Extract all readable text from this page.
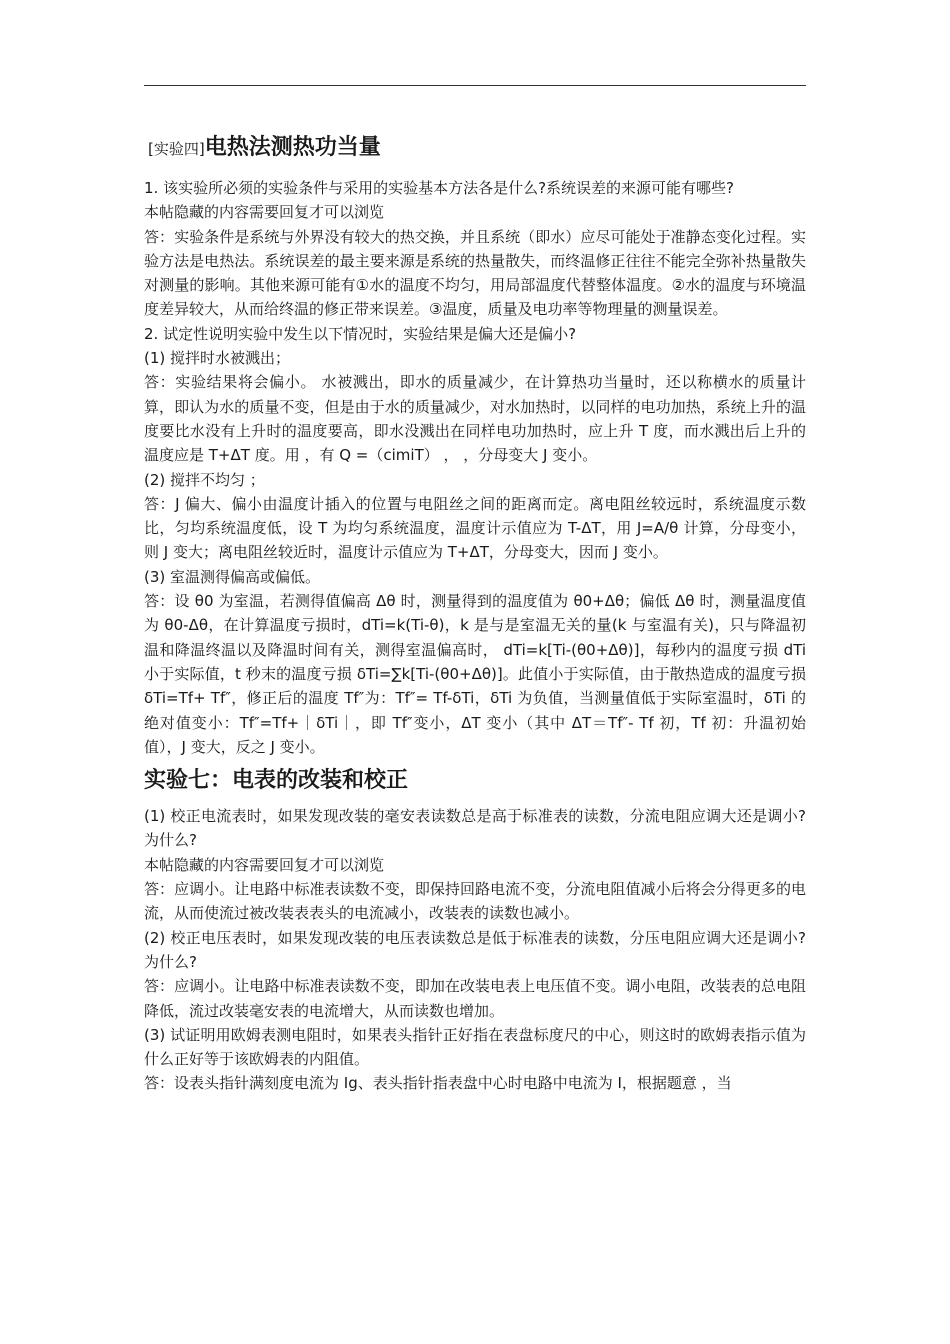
[实验四]电热法测热功当量

1. 该实验所必须的实验条件与采用的实验基本方法各是什么?系统误差的来源可能有哪些?

本帖隐藏的内容需要回复才可以浏览

答：实验条件是系统与外界没有较大的热交换，并且系统（即水）应尽可能处于准静态变化过程。实验方法是电热法。系统误差的最主要来源是系统的热量散失，而终温修正往往不能完全弥补热量散失对测量的影响。其他来源可能有①水的温度不均匀，用局部温度代替整体温度。②水的温度与环境温度差异较大，从而给终温的修正带来误差。③温度，质量及电功率等物理量的测量误差。

2. 试定性说明实验中发生以下情况时，实验结果是偏大还是偏小?

(1) 搅拌时水被溅出；

答：实验结果将会偏小。 水被溅出，即水的质量减少，在计算热功当量时，还以称横水的质量计算，即认为水的质量不变，但是由于水的质量减少，对水加热时，以同样的电功加热，系统上升的温度要比水没有上升时的温度要高，即水没溅出在同样电功加热时，应上升 T 度，而水溅出后上升的温度应是 T+ΔT 度。用 ，有 Q =（cimiT） ， ，分母变大 J 变小。

(2) 搅拌不均匀 ；

答：J 偏大、偏小由温度计插入的位置与电阻丝之间的距离而定。离电阻丝较远时，系统温度示数比，匀均系统温度低，设 T 为均匀系统温度，温度计示值应为 T-ΔT，用 J=A/θ 计算，分母变小，则 J 变大；离电阻丝较近时，温度计示值应为 T+ΔT，分母变大，因而 J 变小。

(3) 室温测得偏高或偏低。

答：设 θ0 为室温，若测得值偏高 Δθ 时，测量得到的温度值为 θ0+Δθ；偏低 Δθ 时，测量温度值为 θ0-Δθ，在计算温度亏损时，dTi=k(Ti-θ)，k 是与是室温无关的量(k 与室温有关)，只与降温初温和降温终温以及降温时间有关，测得室温偏高时， dTi=k[Ti-(θ0+Δθ)]，每秒内的温度亏损 dTi 小于实际值，t 秒末的温度亏损 δTi=∑k[Ti-(θ0+Δθ)]。此值小于实际值，由于散热造成的温度亏损 δTi=Tf+ Tf″，修正后的温度 Tf″为：Tf″= Tf-δTi，δTi 为负值，当测量值低于实际室温时，δTi 的绝对值变小：Tf″=Tf+｜δTi｜，即 Tf″变小，ΔT 变小（其中 ΔT＝Tf″- Tf 初，Tf 初：升温初始值），J 变大，反之 J 变小。

实验七：电表的改装和校正

(1) 校正电流表时，如果发现改装的毫安表读数总是高于标准表的读数，分流电阻应调大还是调小?为什么?

本帖隐藏的内容需要回复才可以浏览

答：应调小。让电路中标准表读数不变，即保持回路电流不变，分流电阻值减小后将会分得更多的电流，从而使流过被改装表表头的电流减小，改装表的读数也减小。

(2) 校正电压表时，如果发现改装的电压表读数总是低于标准表的读数，分压电阻应调大还是调小?为什么?

答：应调小。让电路中标准表读数不变，即加在改装电表上电压值不变。调小电阻，改装表的总电阻降低，流过改装毫安表的电流增大，从而读数也增加。

(3) 试证明用欧姆表测电阻时，如果表头指针正好指在表盘标度尺的中心，则这时的欧姆表指示值为什么正好等于该欧姆表的内阻值。

答：设表头指针满刻度电流为 Ig、表头指针指表盘中心时电路中电流为 I，根据题意 ，当
